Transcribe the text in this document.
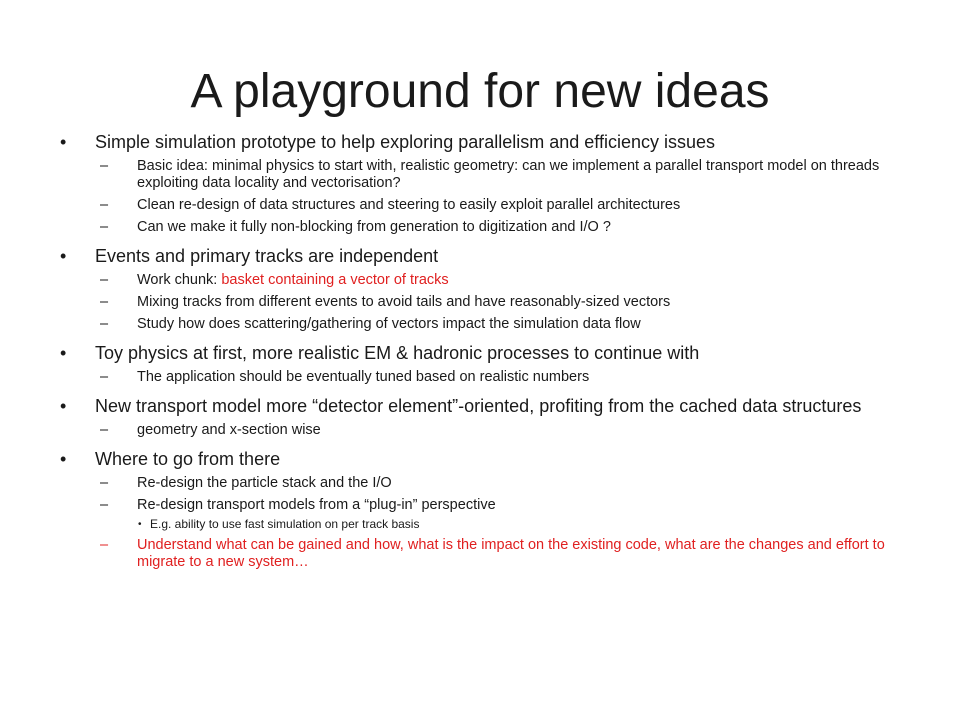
A playground for new ideas
•	Simple simulation prototype to help exploring parallelism and efficiency issues
– Basic idea: minimal physics to start with, realistic geometry: can we implement a parallel transport model on threads exploiting data locality and vectorisation?
– Clean re-design of data structures and steering to easily exploit parallel architectures
– Can we make it fully non-blocking from generation to digitization and I/O ?
•	Events and primary tracks are independent
– Work chunk: basket containing a vector of tracks
– Mixing tracks from different events to avoid tails and have reasonably-sized vectors
– Study how does scattering/gathering of vectors impact the simulation data flow
•	Toy physics at first, more realistic EM & hadronic processes to continue with
– The application should be eventually tuned based on realistic numbers
•	New transport model more “detector element”-oriented, profiting from the cached data structures
– geometry and x-section wise
•	Where to go from there
– Re-design the particle stack and the I/O
– Re-design transport models from a “plug-in” perspective
• E.g. ability to use fast simulation on per track basis
– Understand what can be gained and how, what is the impact on the existing code, what are the changes and effort to migrate to a new system…
